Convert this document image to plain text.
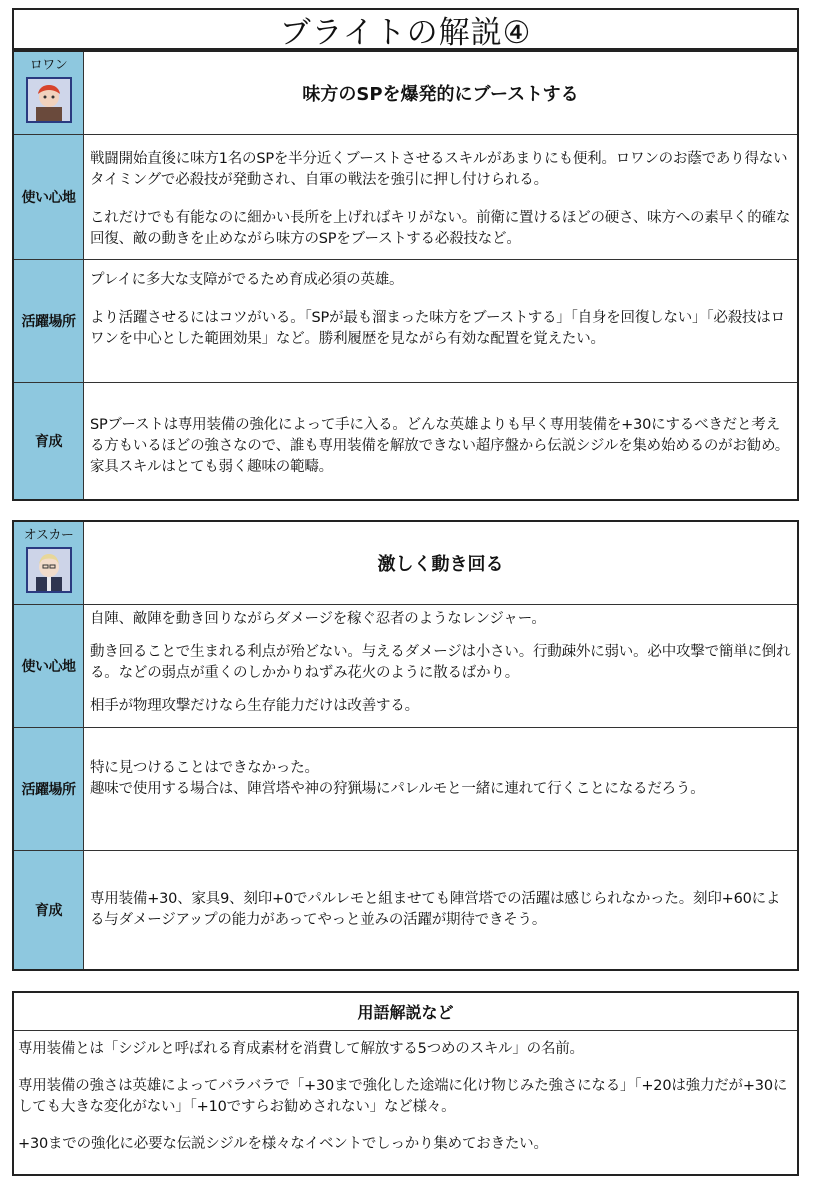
ブライトの解説④
ロワン
味方のSPを爆発的にブーストする
使い心地

戦闘開始直後に味方1名のSPを半分近くブーストさせるスキルがあまりにも便利。ロワンのお蔭であり得ないタイミングで必殺技が発動され、自軍の戦法を強引に押し付けられる。

これだけでも有能なのに細かい長所を上げればキリがない。前衛に置けるほどの硬さ、味方への素早く的確な回復、敵の動きを止めながら味方のSPをブーストする必殺技など。

活躍場所

プレイに多大な支障がでるため育成必須の英雄。

より活躍させるにはコツがいる。「SPが最も溜まった味方をブーストする」「自身を回復しない」「必殺技はロワンを中心とした範囲効果」など。勝利履歴を見ながら有効な配置を覚えたい。

育成

SPブーストは専用装備の強化によって手に入る。どんな英雄よりも早く専用装備を+30にするべきだと考える方もいるほどの強さなので、誰も専用装備を解放できない超序盤から伝説シジルを集め始めるのがお勧め。家具スキルはとても弱く趣味の範疇。

オスカー
激しく動き回る
使い心地

自陣、敵陣を動き回りながらダメージを稼ぐ忍者のようなレンジャー。

動き回ることで生まれる利点が殆どない。与えるダメージは小さい。行動疎外に弱い。必中攻撃で簡単に倒れる。などの弱点が重くのしかかりねずみ花火のように散るばかり。

相手が物理攻撃だけなら生存能力だけは改善する。

活躍場所

特に見つけることはできなかった。

趣味で使用する場合は、陣営塔や神の狩猟場にパレルモと一緒に連れて行くことになるだろう。

育成

専用装備+30、家具9、刻印+0でパルレモと組ませても陣営塔での活躍は感じられなかった。刻印+60による与ダメージアップの能力があってやっと並みの活躍が期待できそう。

用語解説など

専用装備とは「シジルと呼ばれる育成素材を消費して解放する5つめのスキル」の名前。

専用装備の強さは英雄によってバラバラで「+30まで強化した途端に化け物じみた強さになる」「+20は強力だが+30にしても大きな変化がない」「+10ですらお勧めされない」など様々。

+30までの強化に必要な伝説シジルを様々なイベントでしっかり集めておきたい。
